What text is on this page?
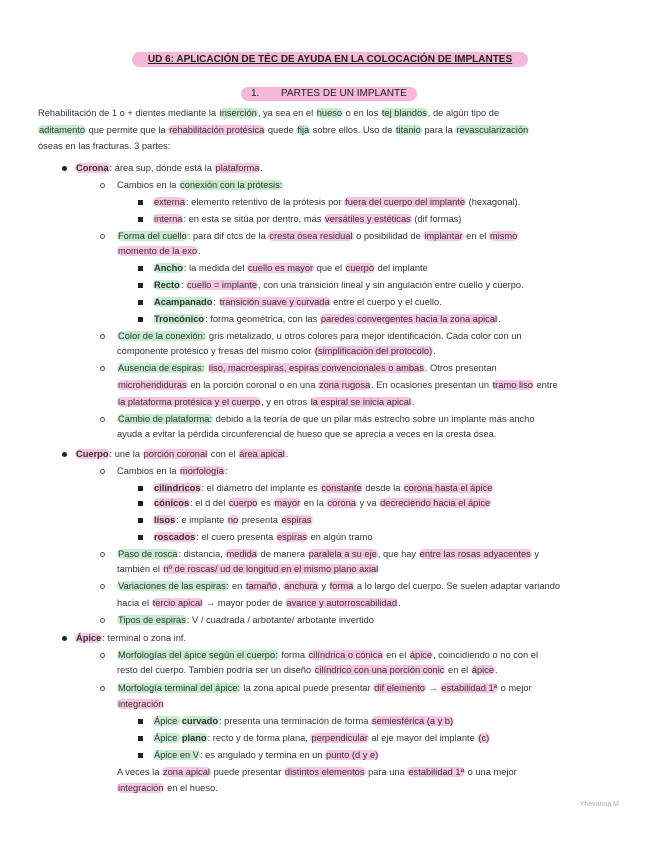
UD 6: APLICACIÓN DE TÉC DE AYUDA EN LA COLOCACIÓN DE IMPLANTES
1. PARTES DE UN IMPLANTE
Rehabilitación de 1 o + dientes mediante la inserción, ya sea en el hueso o en los tej blandos, de algún tipo de
aditamento que permite que la rehabilitación protésica quede fija sobre ellos. Uso de titanio para la revascularización
óseas en las fracturas. 3 partes:
Corona: área sup, dónde está la plataforma.
Cambios en la conexión con la prótesis:
externa: elemento retentivo de la prótesis por fuera del cuerpo del implante (hexagonal).
interna: en esta se sitúa por dentro, más versátiles y estéticas (dif formas)
Forma del cuello: para dif ctcs de la cresta ósea residual o posibilidad de implantar en el mismo
momento de la exo.
Ancho: la medida del cuello es mayor que el cuerpo del implante
Recto: cuello = implante, con una transición lineal y sin angulación entre cuello y cuerpo.
Acampanado: transición suave y curvada entre el cuerpo y el cuello.
Troncónico: forma geométrica, con las paredes convergentes hacia la zona apical.
Color de la conexión: gris metalizado, u otros colores para mejor identificación. Cada color con un
componente protésico y fresas del mismo color (simplificación del protocolo).
Ausencia de espiras: liso, macroespiras, espiras convencionales o ambas. Otros presentan
microhendiduras en la porción coronal o en una zona rugosa. En ocasiones presentan un tramo liso entre
la plataforma protésica y el cuerpo, y en otros la espiral se inicia apical.
Cambio de plataforma: debido a la teoría de que un pilar más estrecho sobre un implante más ancho
ayuda a evitar la pérdida circunferencial de hueso que se aprecia a veces en la cresta ósea.
Cuerpo: une la porción coronal con el área apical.
Cambios en la morfología:
cilíndricos: el diámetro del implante es constante desde la corona hasta el ápice
cónicos: el d del cuerpo es mayor en la corona y va decreciendo hacia el ápice
lisos: e implante no presenta espiras
roscados: el cuero presenta espiras en algún tramo
Paso de rosca: distancia, medida de manera paralela a su eje, que hay entre las rosas adyacentes y
también el nº de roscas/ ud de longitud en el mismo plano axial
Variaciones de las espiras: en tamaño, anchura y forma a lo largo del cuerpo. Se suelen adaptar variando
hacia el tercio apical → mayor poder de avance y autorroscabilidad.
Tipos de espiras: V / cuadrada / arbotante/ arbotante invertido
Ápice: terminal o zona inf.
Morfologías del ápice según el cuerpo: forma cilíndrica o cónica en el ápice, coincidiendo o no con el
resto del cuerpo. También podría ser un diseño cilíndrico con una porción conic en el ápice.
Morfología terminal del ápice: la zona apical puede presentar dif elemento → estabilidad 1ª o mejor
integración
Ápice curvado: presenta una terminación de forma semiesférica (a y b)
Ápice plano: recto y de forma plana, perpendicular al eje mayor del implante (c)
Ápice en V: es angulado y termina en un punto (d y e)
A veces la zona apical puede presentar distintos elementos para una estabilidad 1ª o una mejor
integración en el hueso.
Yhevanna M
